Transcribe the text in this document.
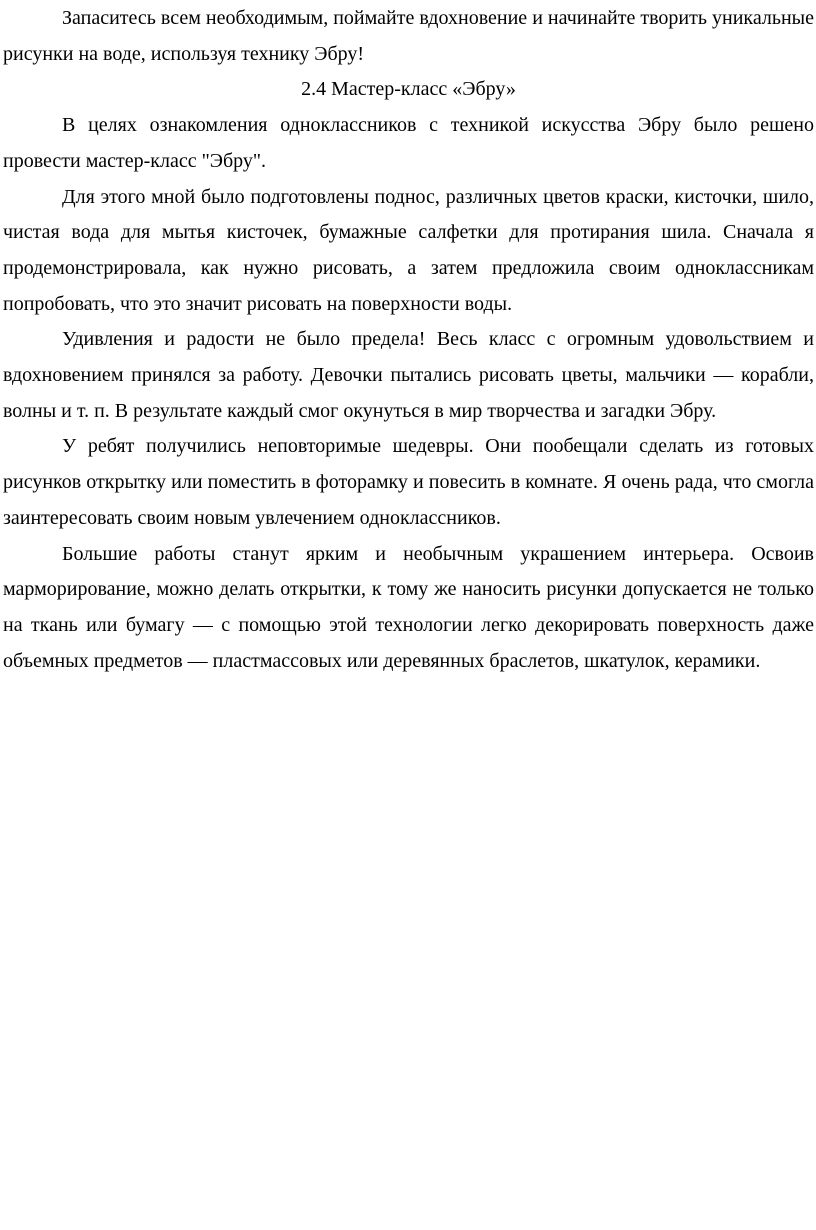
Запаситесь всем необходимым, поймайте вдохновение и начинайте творить уникальные рисунки на воде, используя технику Эбру!

2.4 Мастер-класс «Эбру»

В целях ознакомления одноклассников с техникой искусства Эбру было решено провести мастер-класс "Эбру".

Для этого мной было подготовлены поднос, различных цветов краски, кисточки, шило, чистая вода для мытья кисточек, бумажные салфетки для протирания шила. Сначала я продемонстрировала, как нужно рисовать, а затем предложила своим одноклассникам попробовать, что это значит рисовать на поверхности воды.

Удивления и радости не было предела! Весь класс с огромным удовольствием и вдохновением принялся за работу. Девочки пытались рисовать цветы, мальчики — корабли, волны и т. п. В результате каждый смог окунуться в мир творчества и загадки Эбру.

У ребят получились неповторимые шедевры. Они пообещали сделать из готовых рисунков открытку или поместить в фоторамку и повесить в комнате. Я очень рада, что смогла заинтересовать своим новым увлечением одноклассников.

Большие работы станут ярким и необычным украшением интерьера. Освоив марморирование, можно делать открытки, к тому же наносить рисунки допускается не только на ткань или бумагу — с помощью этой технологии легко декорировать поверхность даже объемных предметов — пластмассовых или деревянных браслетов, шкатулок, керамики.
